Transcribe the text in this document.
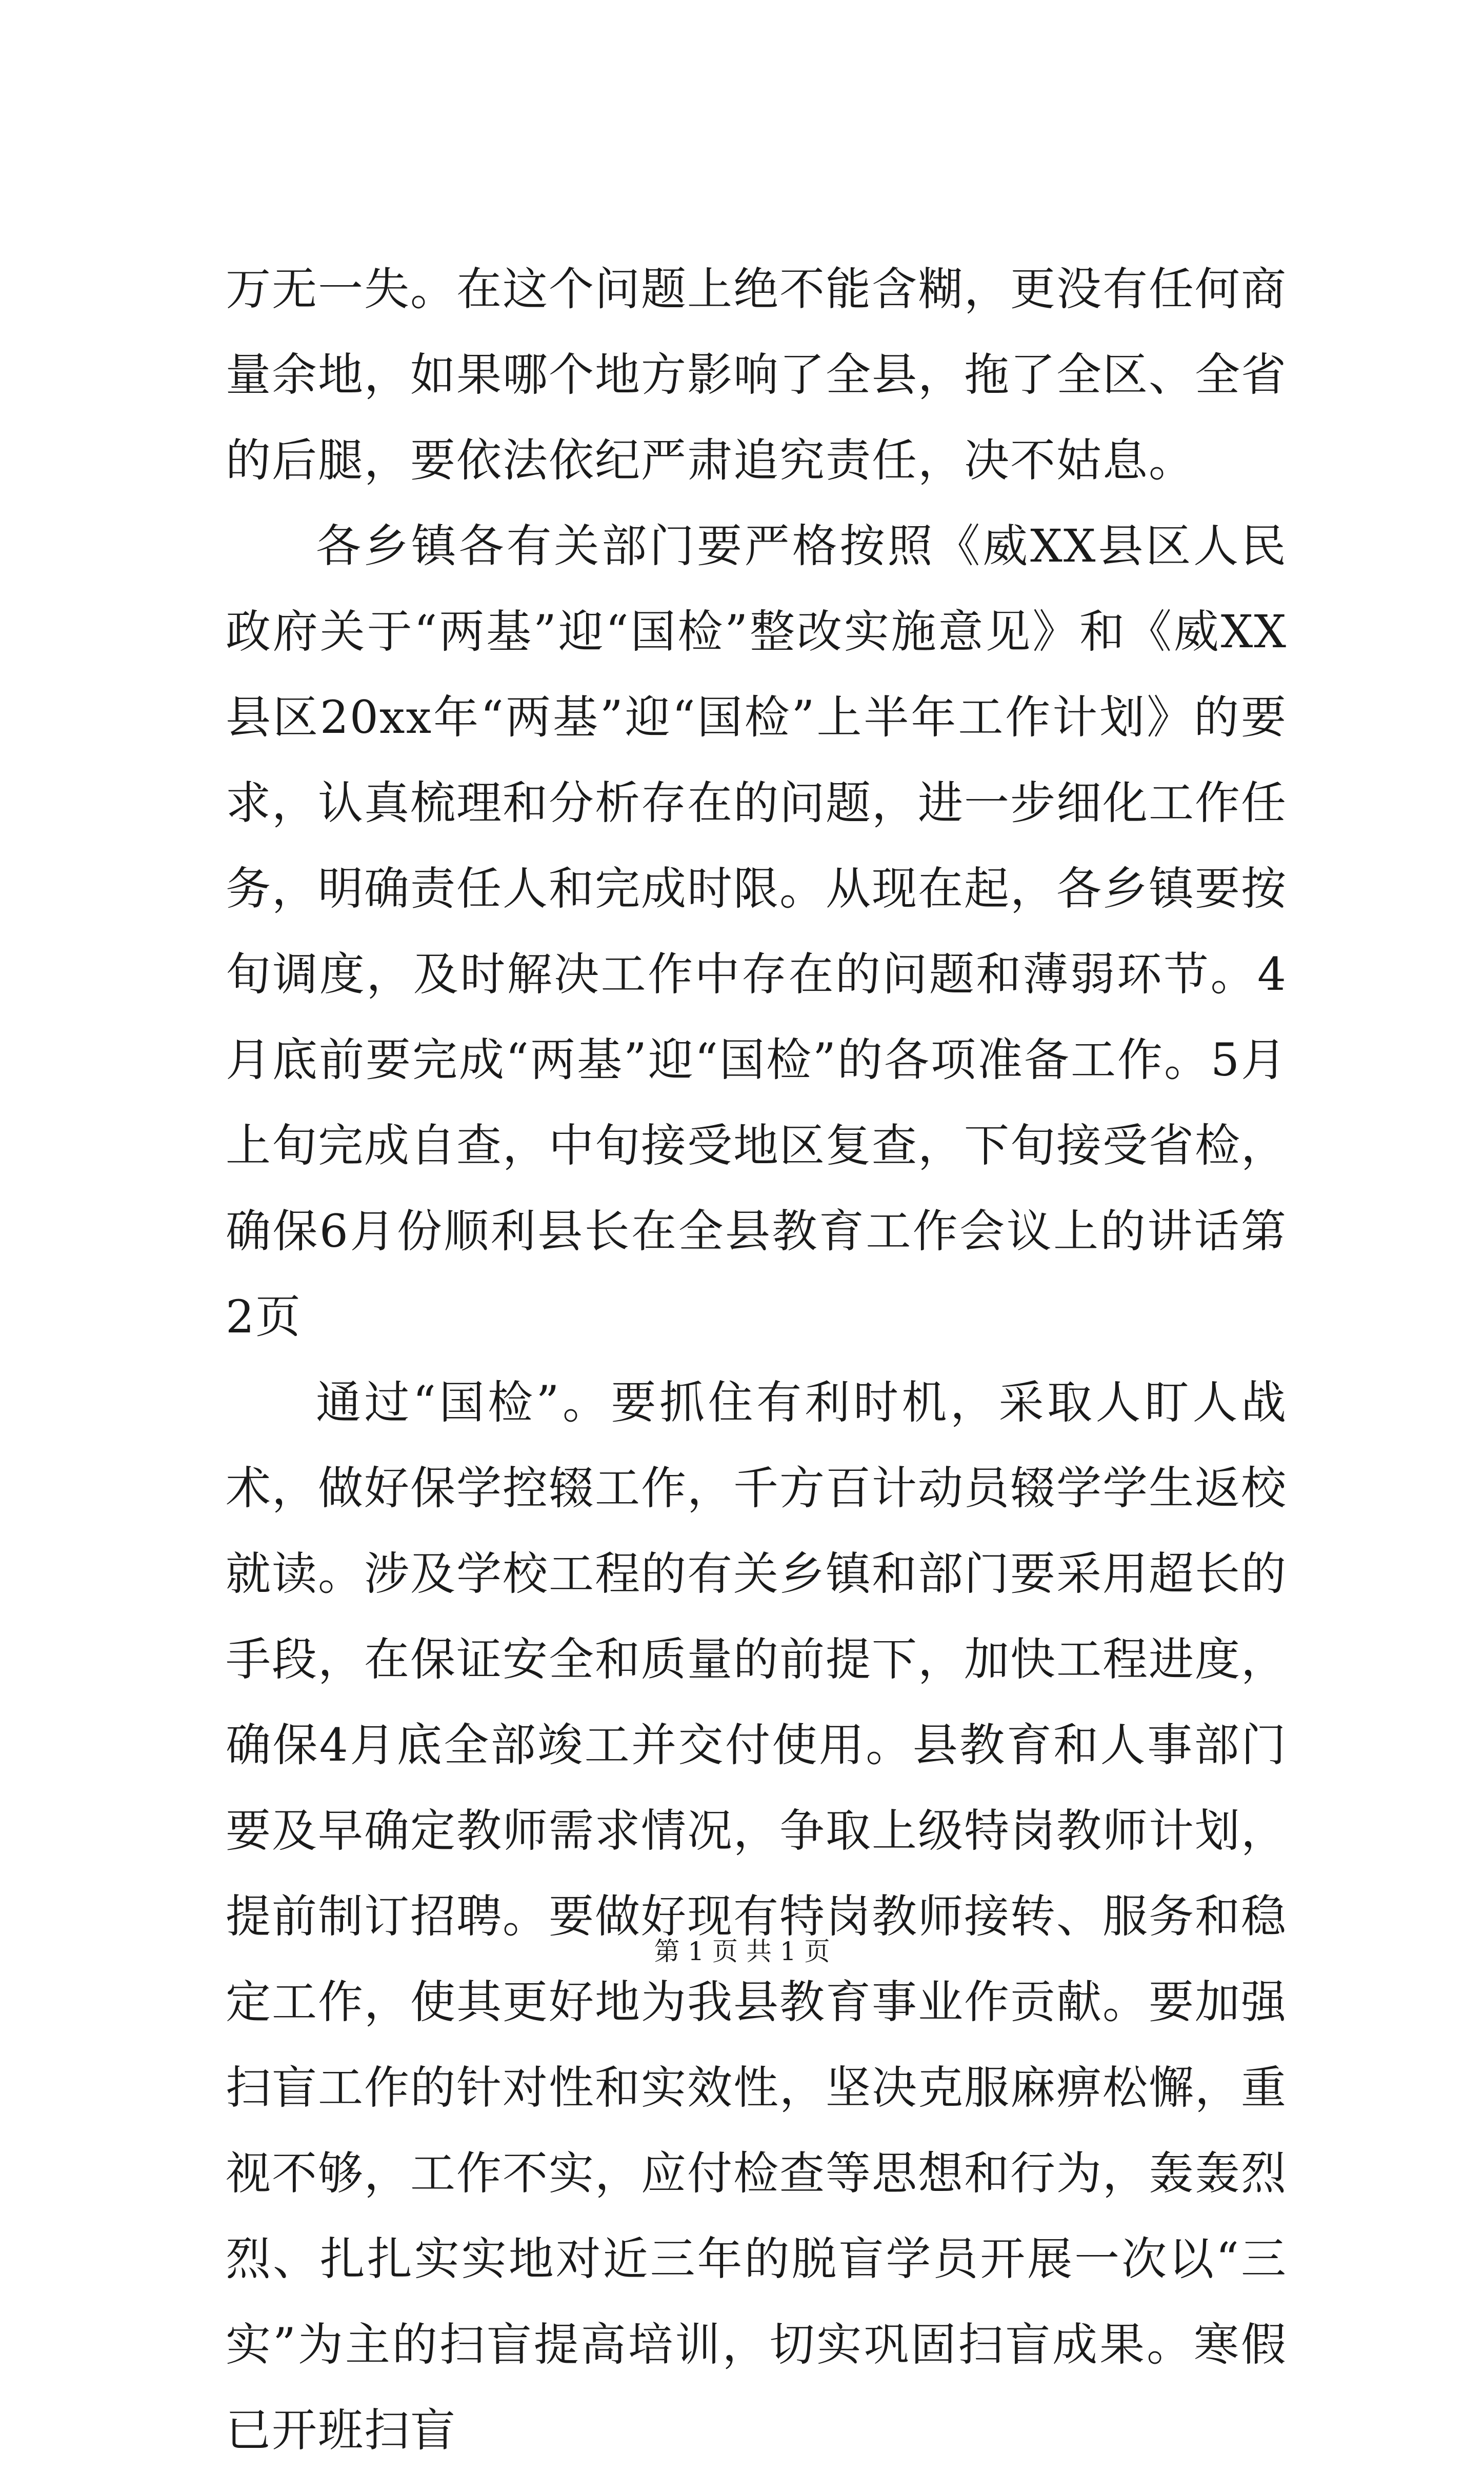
万无一失。在这个问题上绝不能含糊，更没有任何商量余地，如果哪个地方影响了全县，拖了全区、全省的后腿，要依法依纪严肃追究责任，决不姑息。

各乡镇各有关部门要严格按照《威XX县区人民政府关于“两基”迎“国检”整改实施意见》和《威XX县区20xx年“两基”迎“国检”上半年工作计划》的要求，认真梳理和分析存在的问题，进一步细化工作任务，明确责任人和完成时限。从现在起，各乡镇要按旬调度，及时解决工作中存在的问题和薄弱环节。4月底前要完成“两基”迎“国检”的各项准备工作。5月上旬完成自查，中旬接受地区复查，下旬接受省检，确保6月份顺利县长在全县教育工作会议上的讲话第2页

通过“国检”。要抓住有利时机，采取人盯人战术，做好保学控辍工作，千方百计动员辍学学生返校就读。涉及学校工程的有关乡镇和部门要采用超长的手段，在保证安全和质量的前提下，加快工程进度，确保4月底全部竣工并交付使用。县教育和人事部门要及早确定教师需求情况，争取上级特岗教师计划，提前制订招聘。要做好现有特岗教师接转、服务和稳定工作，使其更好地为我县教育事业作贡献。要加强扫盲工作的针对性和实效性，坚决克服麻痹松懈，重视不够，工作不实，应付检查等思想和行为，轰轰烈烈、扎扎实实地对近三年的脱盲学员开展一次以“三实”为主的扫盲提高培训，切实巩固扫盲成果。寒假已开班扫盲

第 1 页 共 1 页
